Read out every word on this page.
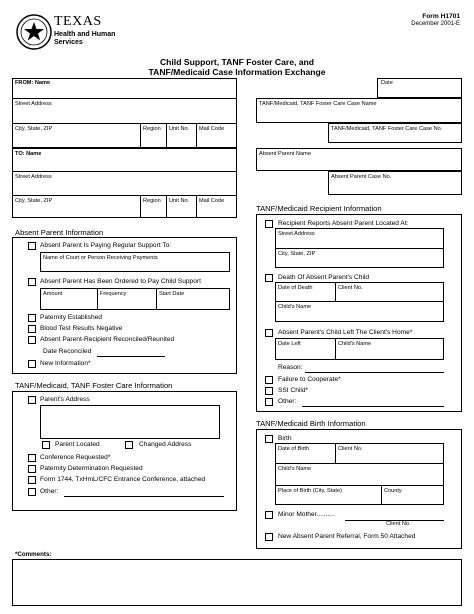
TEXAS
Health and Human
Services
Form H1701
December 2001-E
Child Support, TANF Foster Care, and
TANF/Medicaid Case Information Exchange
FROM: Name
Street Address
City, State, ZIP	Region Unit No. Mail Code
TO: Name
Street Address
City, State, ZIP	Region Unit No. Mail Code
Date
TANF/Medicaid, TANF Foster Care Case Name
TANF/Medicaid, TANF Foster Care Case No.
Absent Parent Name
Absent Parent Case No.
Absent Parent Information
Absent Parent Is Paying Regular Support To:
Name of Court or Person Receiving Payments
Absent Parent Has Been Ordered to Pay Child Support
Amount	Frequency	Start Date
Paternity Established
Blood Test Results Negative
Absent Parent-Recipient Reconciled/Reunited
Date Reconciled
New Information*
TANF/Medicaid, TANF Foster Care Information
Parent's Address
Parent Located	Changed Address
Conference Requested*
Paternity Determination Requested
Form 1744, TxHmL/CFC Entrance Conference, attached
Other:
TANF/Medicaid Recipient Information
Recipient Reports Absent Parent Located At:
Street Address
City, State, ZIP
Death Of Absent Parent's Child
Date of Death	Client No.
Child's Name
Absent Parent's Child Left The Client's Home*
Date Left	Child's Name
Reason:
Failure to Cooperate*
SSI Child*
Other:
TANF/Medicaid Birth Information
Birth
Date of Birth	Client No.
Child's Name
Place of Birth (City, State)	County
Minor Mother..........
Client No.
New Absent Parent Referral, Form 50 Attached
*Comments:
